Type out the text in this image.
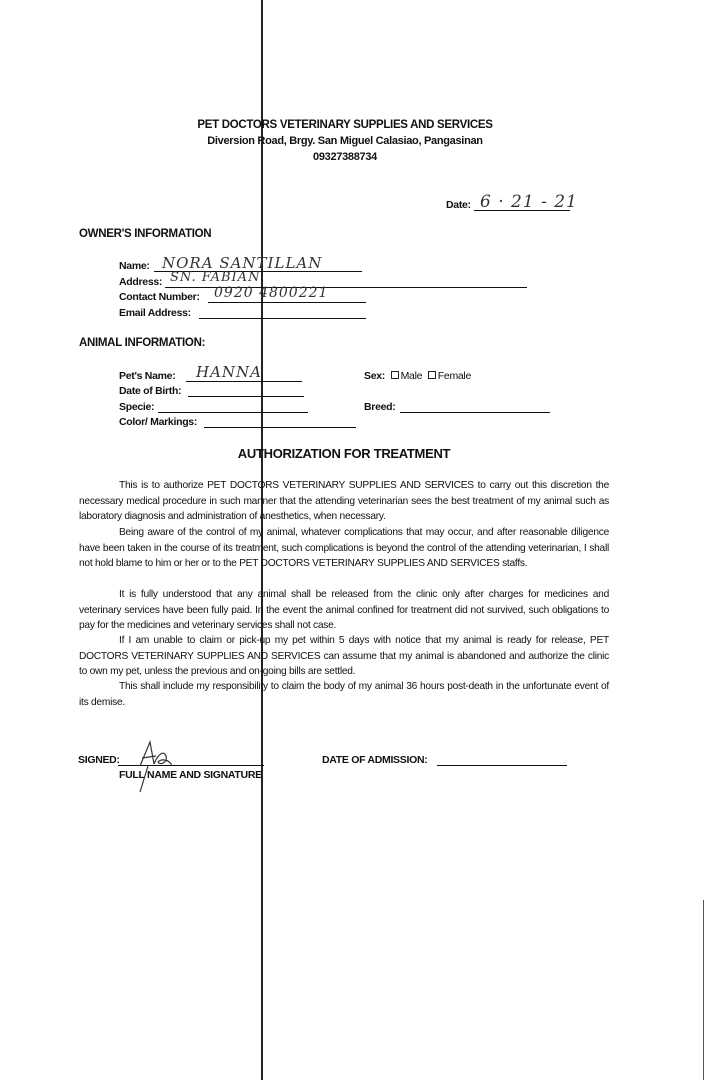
PET DOCTORS VETERINARY SUPPLIES AND SERVICES
Diversion Road, Brgy. San Miguel Calasiao, Pangasinan
09327388734
Date: 6 · 21 - 21
OWNER'S INFORMATION
Name: NORA SANTILLAN
Address: SN. FABIAN
Contact Number: 0920 4800221
Email Address:
ANIMAL INFORMATION:
Pet's Name: HANNA
Date of Birth:
Specie:
Color/ Markings:
Sex: Male Female
Breed:
AUTHORIZATION FOR TREATMENT

This is to authorize PET DOCTORS VETERINARY SUPPLIES AND SERVICES to carry out this discretion the necessary medical procedure in such manner that the attending veterinarian sees the best treatment of my animal such as laboratory diagnosis and administration of anesthetics, when necessary.

Being aware of the control of my animal, whatever complications that may occur, and after reasonable diligence have been taken in the course of its treatment, such complications is beyond the control of the attending veterinarian, I shall not hold blame to him or her or to the PET DOCTORS VETERINARY SUPPLIES AND SERVICES staffs.

It is fully understood that any animal shall be released from the clinic only after charges for medicines and veterinary services have been fully paid. In the event the animal confined for treatment did not survived, such obligations to pay for the medicines and veterinary services shall not case.

If I am unable to claim or pick-up my pet within 5 days with notice that my animal is ready for release, PET DOCTORS VETERINARY SUPPLIES AND SERVICES can assume that my animal is abandoned and authorize the clinic to own my pet, unless the previous and on-going bills are settled.

This shall include my responsibility to claim the body of my animal 36 hours post-death in the unfortunate event of its demise.

SIGNED:
FULL NAME AND SIGNATURE
DATE OF ADMISSION:
